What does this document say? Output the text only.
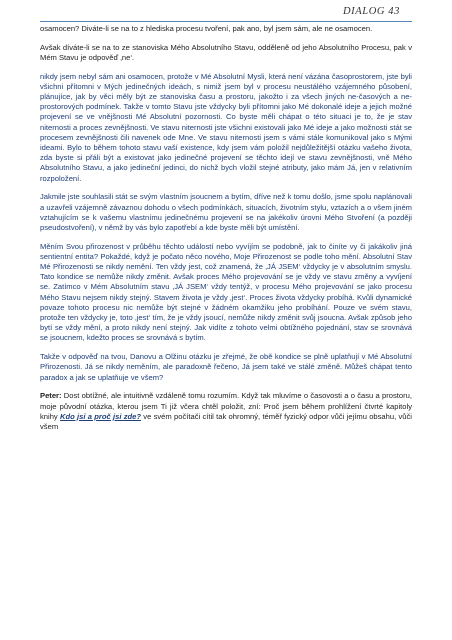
DIALOG 43

osamocen? Diváte-li se na to z hlediska procesu tvoření, pak ano, byl jsem sám, ale ne osamocen.

Avšak díváte-li se na to ze stanoviska Mého Absolutního Stavu, odděleně od jeho Absolutního Procesu, pak v Mém Stavu je odpověď ‚ne‘.

nikdy jsem nebyl sám ani osamocen, protože v Mé Absolutní Mysli, která není vázána časoprostorem, jste byli všichni přítomni v Mých jedinečných ideách, s nimiž jsem byl v procesu neustálého vzájemného působení, plánujíce, jak by věci měly být ze stanoviska času a prostoru, jakožto i za všech jiných ne-časových a ne-prostorových podmínek. Takže v tomto Stavu jste vždycky byli přítomni jako Mé dokonalé ideje a jejich možné projevení se ve vnějšnosti Mé Absolutní pozornosti. Co byste měli chápat o této situaci je to, že je stav niternosti a proces zevnějšnosti. Ve stavu niternosti jste všichni existovali jako Mé ideje a jako možnosti stát se procesem zevnějšnosti čili navenek ode Mne. Ve stavu niternosti jsem s vámi stále komunikoval jako s Mými ideami. Bylo to během tohoto stavu vaší existence, kdy jsem vám položil nejdůležitější otázku vašeho života, zda byste si přáli být a existovat jako jedinečné projevení se těchto idejí ve stavu zevnějšnosti, vně Mého Absolutního Stavu, a jako jedineční jedinci, do nichž bych vložil stejné atributy, jako mám Já, jen v relativním rozpoložení.

Jakmile jste souhlasili stát se svým vlastním jsoucnem a bytím, dříve než k tomu došlo, jsme spolu naplánovali a uzavřeli vzájemně závaznou dohodu o všech podmínkách, situacích, životním stylu, vztazích a o všem jiném vztahujícím se k vašemu vlastnímu jedinečnému projevení se na jakékoliv úrovni Mého Stvoření (a později pseudostvoření), v němž by vás bylo zapotřebí a kde byste měli být umístění.

Měním Svou přirozenost v průběhu těchto událostí nebo vyvíjím se podobně, jak to činíte vy či jakákoliv jiná sentientní entita? Pokaždé, když je počato něco nového, Moje Přirozenost se podle toho mění. Absolutní Stav Mé Přirozenosti se nikdy nemění. Ten vždy jest, což znamená, že ‚JÁ JSEM‘ vždycky je v absolutním smyslu. Tato kondice se nemůže nikdy změnit. Avšak proces Mého projevování se je vždy ve stavu změny a vyvíjení se. Zatímco v Mém Absolutním stavu ‚JÁ JSEM‘ vždy tentýž, v procesu Mého projevování se jako procesu Mého Stavu nejsem nikdy stejný. Stavem života je vždy ‚jest‘. Proces života vždycky probíhá. Kvůli dynamické povaze tohoto procesu nic nemůže být stejné v žádném okamžiku jeho probíhání. Pouze ve svém stavu, protože ten vždycky je, toto ‚jest‘ tím, že je vždy jsoucí, nemůže nikdy změnit svůj jsoucna. Avšak způsob jeho bytí se vždy mění, a proto nikdy není stejný. Jak vidíte z tohoto velmi obtížného pojednání, stav se srovnává se jsoucnem, kdežto proces se srovnává s bytím.

Takže v odpověď na tvou, Danovu a Olžinu otázku je zřejmé, že obě kondice se plně uplatňují v Mé Absolutní Přirozenosti. Já se nikdy neměním, ale paradoxně řečeno, Já jsem také ve stálé změně. Můžeš chápat tento paradox a jak se uplatňuje ve všem?

Peter: Dost obtížné, ale intuitivně vzdáleně tomu rozumím. Když tak mluvíme o časovosti a o času a prostoru, moje původní otázka, kterou jsem Ti již včera chtěl položit, zní: Proč jsem během prohlížení čtvrté kapitoly knihy Kdo jsi a proč jsi zde? ve svém počítači cítil tak ohromný, téměř fyzický odpor vůči jejímu obsahu, vůči všem
